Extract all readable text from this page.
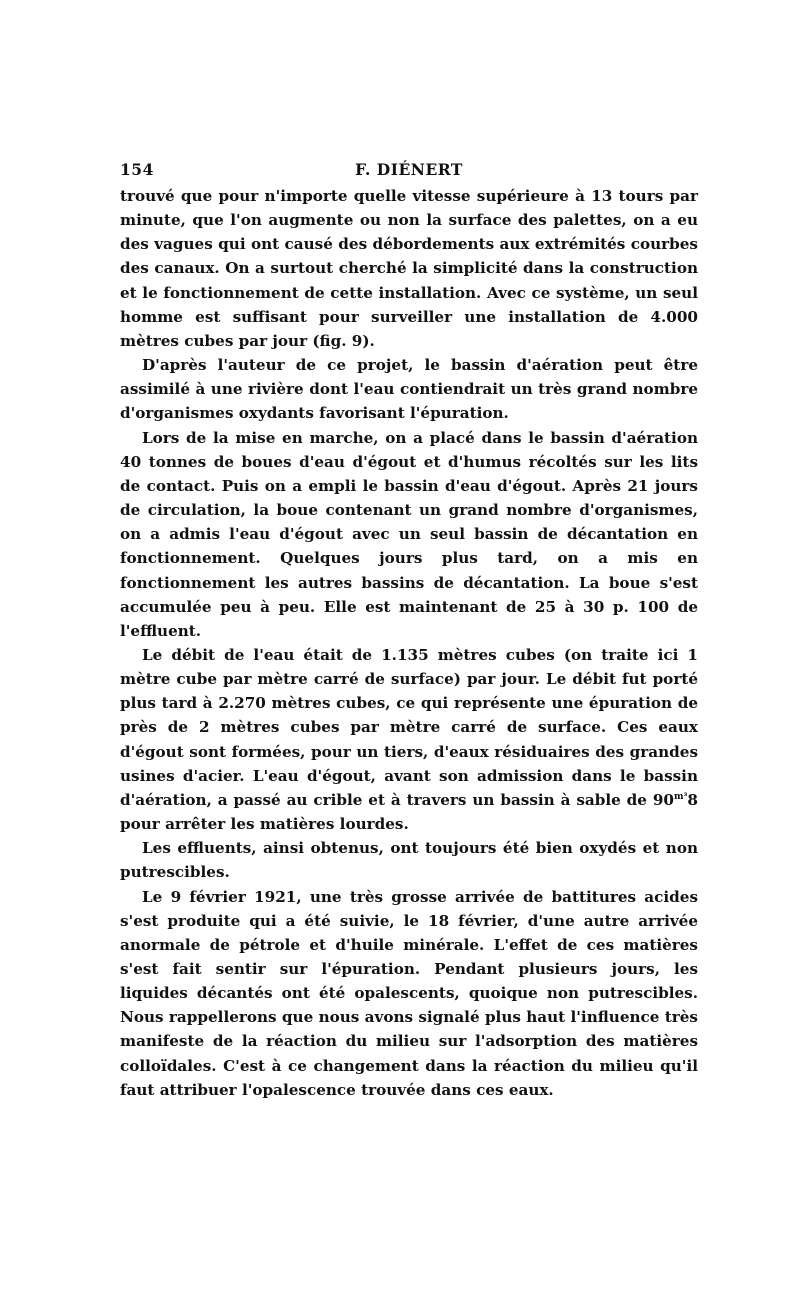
154	F. DIÉNERT

trouvé que pour n'importe quelle vitesse supérieure à 13 tours par minute, que l'on augmente ou non la surface des palettes, on a eu des vagues qui ont causé des débordements aux extrémités courbes des canaux. On a surtout cherché la simplicité dans la construction et le fonctionnement de cette installation. Avec ce système, un seul homme est suffisant pour surveiller une installation de 4.000 mètres cubes par jour (fig. 9).

D'après l'auteur de ce projet, le bassin d'aération peut être assimilé à une rivière dont l'eau contiendrait un très grand nombre d'organismes oxydants favorisant l'épuration.

Lors de la mise en marche, on a placé dans le bassin d'aération 40 tonnes de boues d'eau d'égout et d'humus récoltés sur les lits de contact. Puis on a empli le bassin d'eau d'égout. Après 21 jours de circulation, la boue contenant un grand nombre d'organismes, on a admis l'eau d'égout avec un seul bassin de décantation en fonctionnement. Quelques jours plus tard, on a mis en fonctionnement les autres bassins de décantation. La boue s'est accumulée peu à peu. Elle est maintenant de 25 à 30 p. 100 de l'effluent.

Le débit de l'eau était de 1.135 mètres cubes (on traite ici 1 mètre cube par mètre carré de surface) par jour. Le débit fut porté plus tard à 2.270 mètres cubes, ce qui représente une épuration de près de 2 mètres cubes par mètre carré de surface. Ces eaux d'égout sont formées, pour un tiers, d'eaux résiduaires des grandes usines d'acier. L'eau d'égout, avant son admission dans le bassin d'aération, a passé au crible et à travers un bassin à sable de $90^{m^3}8$ pour arrêter les matières lourdes.

Les effluents, ainsi obtenus, ont toujours été bien oxydés et non putrescibles.

Le 9 février 1921, une très grosse arrivée de battitures acides s'est produite qui a été suivie, le 18 février, d'une autre arrivée anormale de pétrole et d'huile minérale. L'effet de ces matières s'est fait sentir sur l'épuration. Pendant plusieurs jours, les liquides décantés ont été opalescents, quoique non putrescibles. Nous rappellerons que nous avons signalé plus haut l'influence très manifeste de la réaction du milieu sur l'adsorption des matières colloïdales. C'est à ce changement dans la réaction du milieu qu'il faut attribuer l'opalescence trouvée dans ces eaux.
